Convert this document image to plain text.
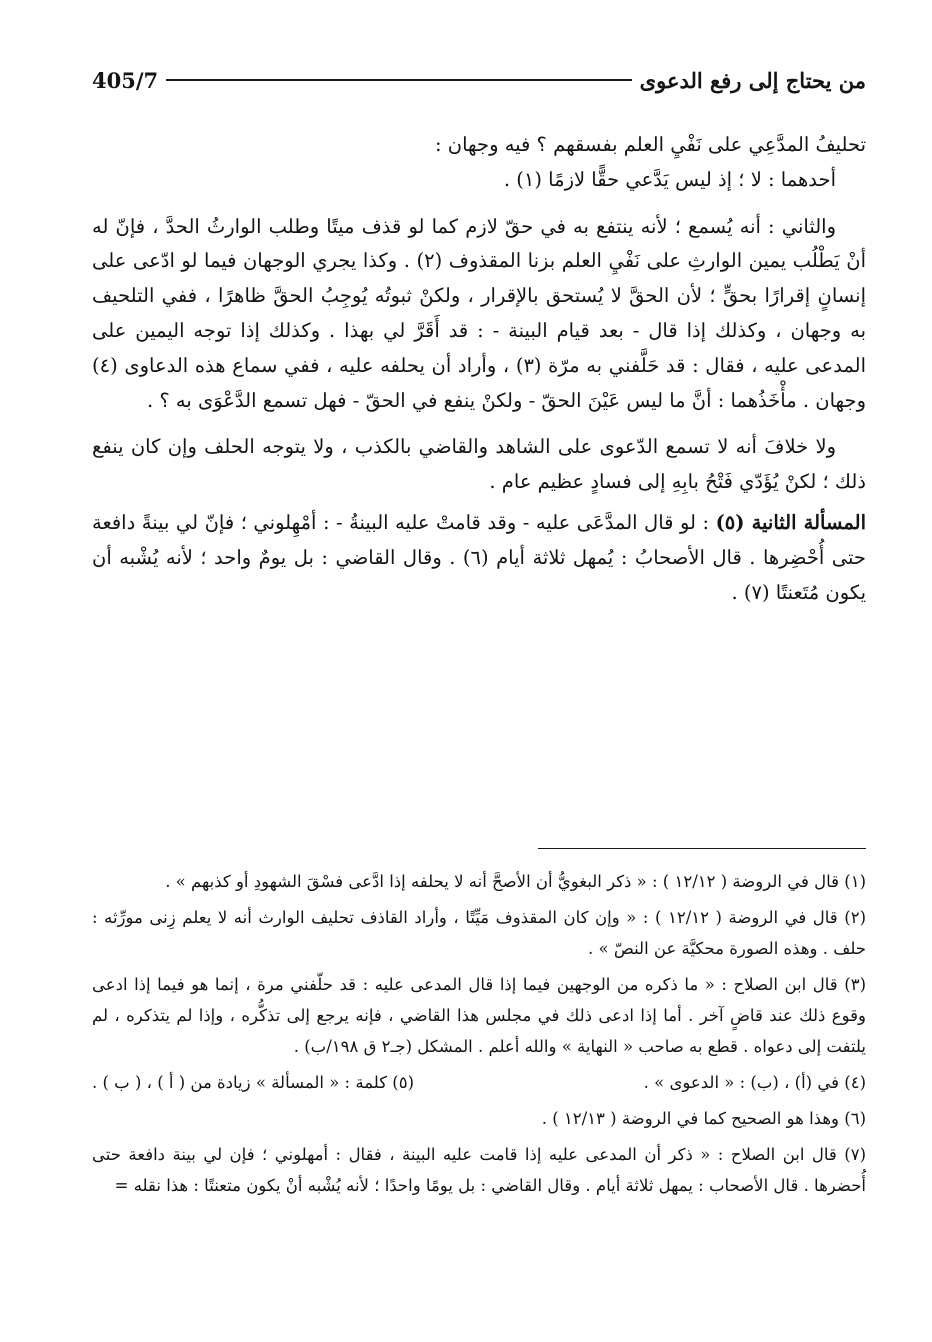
من يحتاج إلى رفع الدعوى
405/7

تحليفُ المدَّعِي على نَفْيِ العلم بفسقهم ؟ فيه وجهان :

أحدهما : لا ؛ إذ ليس يَدَّعي حقًّا لازمًا (١) .

والثاني : أنه يُسمع ؛ لأنه ينتفع به في حقّ لازم كما لو قذف ميتًا وطلب الوارثُ الحدَّ ، فإنّ له أنْ يَطْلُب يمين الوارثِ على نَفْيِ العلم بزنا المقذوف (٢) . وكذا يجري الوجهان فيما لو ادّعى على إنسانٍ إقرارًا بحقٍّ ؛ لأن الحقَّ لا يُستحق بالإقرار ، ولكنْ ثبوتُه يُوجِبُ الحقَّ ظاهرًا ، ففي التلحيف به وجهان ، وكذلك إذا قال - بعد قيام البينة - : قد أَقَرَّ لي بهذا . وكذلك إذا توجه اليمين على المدعى عليه ، فقال : قد حَلَّفني به مرّة (٣) ، وأراد أن يحلفه عليه ، ففي سماع هذه الدعاوى (٤) وجهان . مأْخَذُهما : أنَّ ما ليس عَيْنَ الحقّ - ولكنْ ينفع في الحقّ - فهل تسمع الدَّعْوَى به ؟ .

ولا خلافَ أنه لا تسمع الدّعوى على الشاهد والقاضي بالكذب ، ولا يتوجه الحلف وإن كان ينفع ذلك ؛ لكنْ يُؤَدّي فَتْحُ بابِهِ إلى فسادٍ عظيم عام .

المسألة الثانية (٥) : لو قال المدَّعَى عليه - وقد قامتْ عليه البينةُ - : أمْهِلوني ؛ فإنّ لي بينةً دافعة حتى أُحْضِرها . قال الأصحابُ : يُمهل ثلاثة أيام (٦) . وقال القاضي : بل يومٌ واحد ؛ لأنه يُشْبه أن يكون مُتَعنتًا (٧) .

(١) قال في الروضة ( ١٢/١٢ ) : « ذكر البغويُّ أن الأصحَّ أنه لا يحلفه إذا ادَّعى فسْقَ الشهودِ أو كذبهم » .

(٢) قال في الروضة ( ١٢/١٢ ) : « وإن كان المقذوف مَيِّتًا ، وأراد القاذف تحليف الوارث أنه لا يعلم زِنى مورِّثه : حلف . وهذه الصورة محكيَّة عن النصّ » .

(٣) قال ابن الصلاح : « ما ذكره من الوجهين فيما إذا قال المدعى عليه : قد حلّفني مرة ، إنما هو فيما إذا ادعى وقوع ذلك عند قاضٍ آخر . أما إذا ادعى ذلك في مجلس هذا القاضي ، فإنه يرجع إلى تذكُّره ، وإذا لم يتذكره ، لم يلتفت إلى دعواه . قطع به صاحب « النهاية » والله أعلم . المشكل (جـ٢ ق ١٩٨/ب) .

(٤) في (أ) ، (ب) : « الدعوى » .
(٥) كلمة : « المسألة » زيادة من ( أ ) ، ( ب ) .

(٦) وهذا هو الصحيح كما في الروضة ( ١٢/١٣ ) .

(٧) قال ابن الصلاح : « ذكر أن المدعى عليه إذا قامت عليه البينة ، فقال : أمهلوني ؛ فإن لي بينة دافعة حتى أُحضرها . قال الأصحاب : يمهل ثلاثة أيام . وقال القاضي : بل يومًا واحدًا ؛ لأنه يُشْبه أنْ يكون متعنتًا : هذا نقله =
